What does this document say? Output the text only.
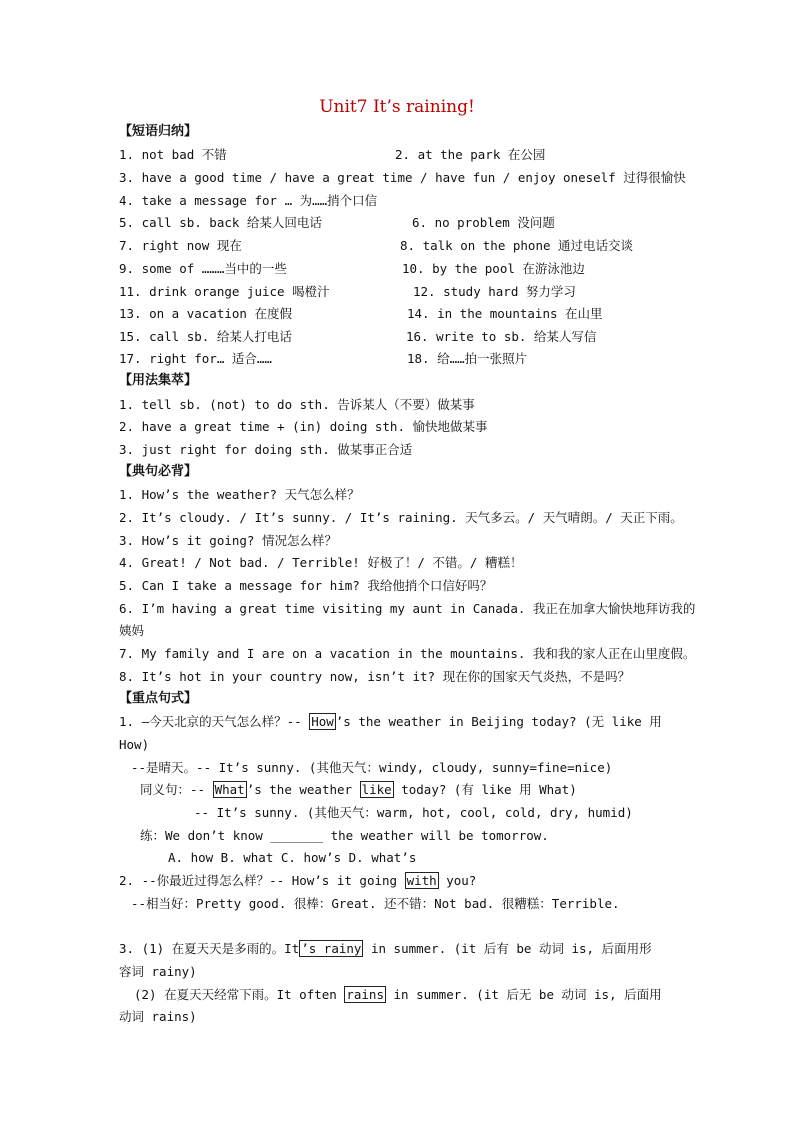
Unit7 It’s raining!
【短语归纳】
1. not bad 不错	2. at the park 在公园
3. have a good time / have a great time / have fun / enjoy oneself 过得很愉快
4. take a message for … 为……捎个口信
5. call sb. back 给某人回电话	6. no problem 没问题
7. right now 现在	8. talk on the phone 通过电话交谈
9. some of ………当中的一些	10. by the pool 在游泳池边
11. drink orange juice 喝橙汁	12. study hard 努力学习
13. on a vacation 在度假	14. in the mountains 在山里
15. call sb. 给某人打电话	16. write to sb. 给某人写信
17. right for… 适合……	18. 给……拍一张照片
【用法集萃】
1. tell sb. (not) to do sth. 告诉某人（不要）做某事
2. have a great time + (in) doing sth. 愉快地做某事
3. just right for doing sth. 做某事正合适
【典句必背】
1. How’s the weather? 天气怎么样？
2. It’s cloudy. / It’s sunny. / It’s raining. 天气多云。/ 天气晴朗。/ 天正下雨。
3. How’s it going? 情况怎么样？
4. Great! / Not bad. / Terrible! 好极了！/ 不错。/ 糟糕！
5. Can I take a message for him? 我给他捎个口信好吗？
6. I’m having a great time visiting my aunt in Canada. 我正在加拿大愉快地拜访我的
姨妈
7. My family and I are on a vacation in the mountains. 我和我的家人正在山里度假。
8. It’s hot in your country now, isn’t it? 现在你的国家天气炎热，不是吗？
【重点句式】
1. –今天北京的天气怎么样？-- How ’s the weather in Beijing today? (无 like 用
How)
--是晴天。-- It’s sunny. (其他天气：windy, cloudy, sunny=fine=nice)
同义句：-- What ’s the weather like today? (有 like 用 What)
-- It’s sunny. (其他天气：warm, hot, cool, cold, dry, humid)
练：We don’t know _______ the weather will be tomorrow.
A. how B. what C. how’s D. what’s
2. --你最近过得怎么样？-- How’s it going with you?
--相当好：Pretty good. 很棒：Great. 还不错：Not bad. 很糟糕：Terrible.
3. (1) 在夏天天是多雨的。It ’s rainy in summer. (it 后有 be 动词 is, 后面用形
容词 rainy)
(2) 在夏天天经常下雨。It often rains in summer. (it 后无 be 动词 is, 后面用
动词 rains)
